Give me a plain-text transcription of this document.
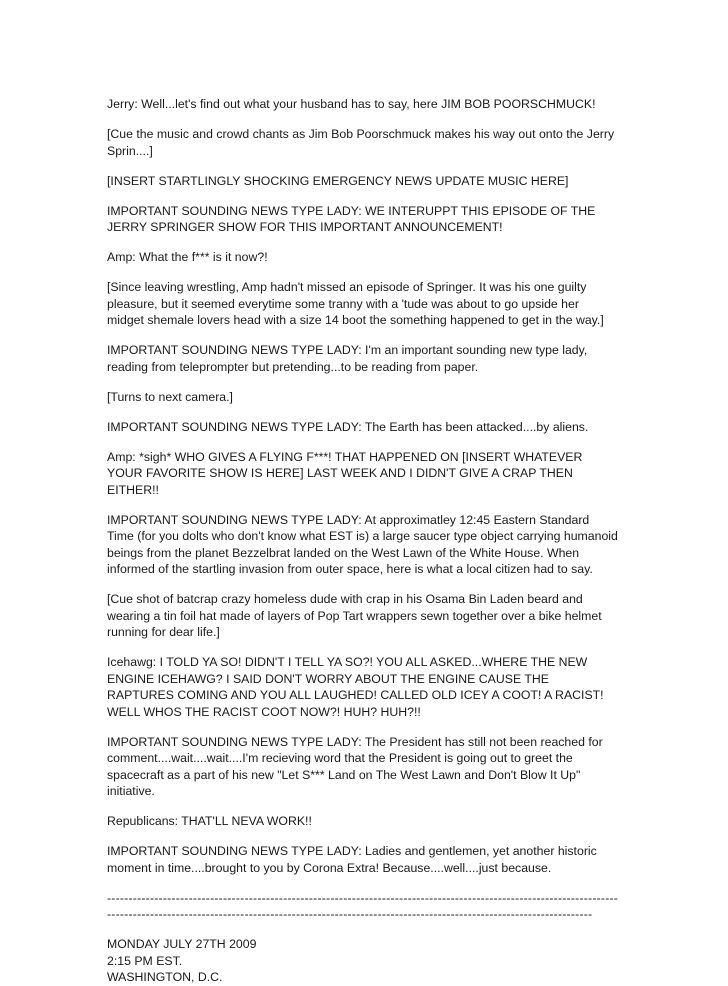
Jerry: Well...let's find out what your husband has to say, here JIM BOB POORSCHMUCK!

[Cue the music and crowd chants as Jim Bob Poorschmuck makes his way out onto the Jerry Sprin....]

[INSERT STARTLINGLY SHOCKING EMERGENCY NEWS UPDATE MUSIC HERE]

IMPORTANT SOUNDING NEWS TYPE LADY: WE INTERUPPT THIS EPISODE OF THE JERRY SPRINGER SHOW FOR THIS IMPORTANT ANNOUNCEMENT!

Amp: What the f*** is it now?!

[Since leaving wrestling, Amp hadn't missed an episode of Springer. It was his one guilty pleasure, but it seemed everytime some tranny with a 'tude was about to go upside her midget shemale lovers head with a size 14 boot the something happened to get in the way.]

IMPORTANT SOUNDING NEWS TYPE LADY: I'm an important sounding new type lady, reading from teleprompter but pretending...to be reading from paper.

[Turns to next camera.]

IMPORTANT SOUNDING NEWS TYPE LADY: The Earth has been attacked....by aliens.

Amp: *sigh* WHO GIVES A FLYING F***! THAT HAPPENED ON [INSERT WHATEVER YOUR FAVORITE SHOW IS HERE] LAST WEEK AND I DIDN'T GIVE A CRAP THEN EITHER!!

IMPORTANT SOUNDING NEWS TYPE LADY: At approximatley 12:45 Eastern Standard Time (for you dolts who don't know what EST is) a large saucer type object carrying humanoid beings from the planet Bezzelbrat landed on the West Lawn of the White House. When informed of the startling invasion from outer space, here is what a local citizen had to say.

[Cue shot of batcrap crazy homeless dude with crap in his Osama Bin Laden beard and wearing a tin foil hat made of layers of Pop Tart wrappers sewn together over a bike helmet running for dear life.]

Icehawg: I TOLD YA SO! DIDN'T I TELL YA SO?! YOU ALL ASKED...WHERE THE NEW ENGINE ICEHAWG? I SAID DON'T WORRY ABOUT THE ENGINE CAUSE THE RAPTURES COMING AND YOU ALL LAUGHED! CALLED OLD ICEY A COOT! A RACIST! WELL WHOS THE RACIST COOT NOW?! HUH? HUH?!!

IMPORTANT SOUNDING NEWS TYPE LADY: The President has still not been reached for comment....wait....wait....I'm recieving word that the President is going out to greet the spacecraft as a part of his new "Let S*** Land on The West Lawn and Don't Blow It Up" initiative.

Republicans: THAT'LL NEVA WORK!!

IMPORTANT SOUNDING NEWS TYPE LADY: Ladies and gentlemen, yet another historic moment in time....brought to you by Corona Extra! Because....well....just because.

----------------------------------------------------------------------------------------------------------------------------------------------------------------------------------------------------------------------------------------

MONDAY JULY 27TH 2009

2:15 PM EST.

WASHINGTON, D.C.
